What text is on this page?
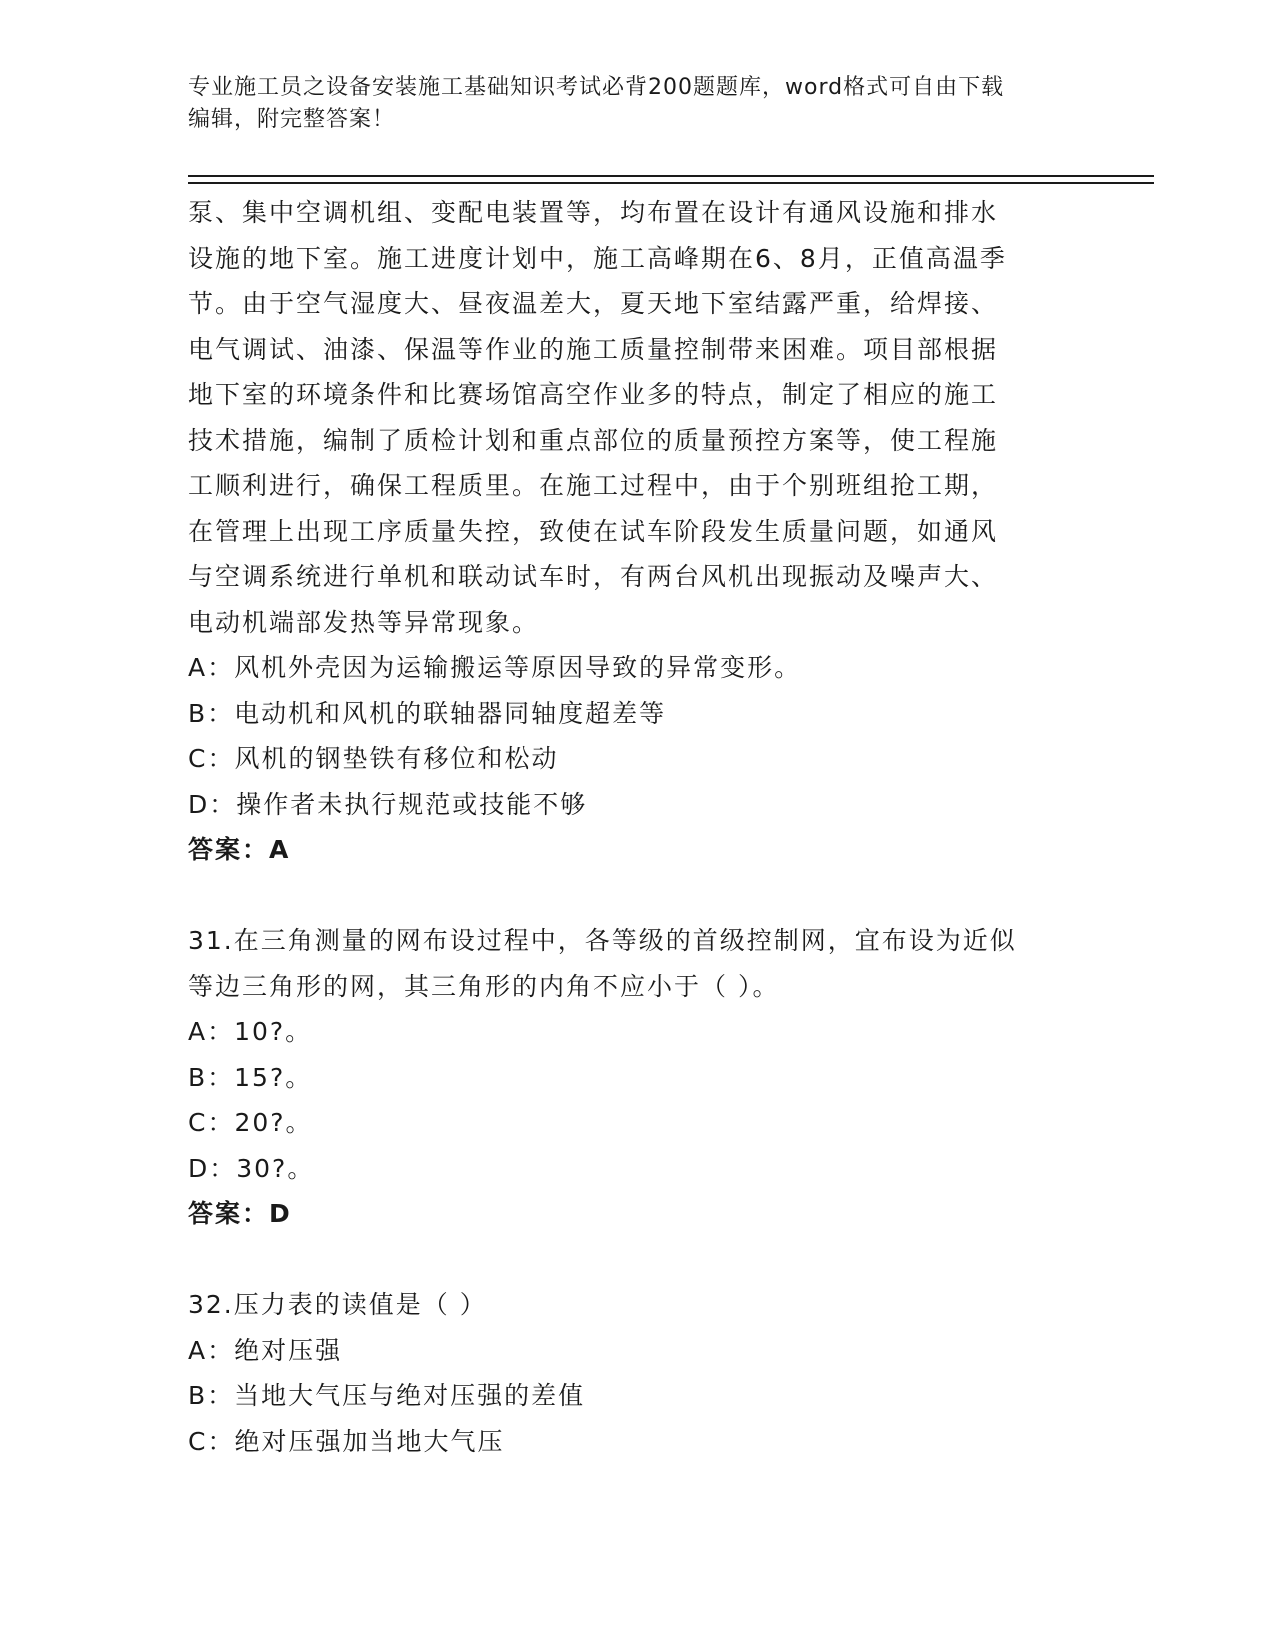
专业施工员之设备安装施工基础知识考试必背200题题库，word格式可自由下载
编辑，附完整答案！
泵、集中空调机组、变配电装置等，均布置在设计有通风设施和排水
设施的地下室。施工进度计划中，施工高峰期在6、8月，正值高温季
节。由于空气湿度大、昼夜温差大，夏天地下室结露严重，给焊接、
电气调试、油漆、保温等作业的施工质量控制带来困难。项目部根据
地下室的环境条件和比赛场馆高空作业多的特点，制定了相应的施工
技术措施，编制了质检计划和重点部位的质量预控方案等，使工程施
工顺利进行，确保工程质里。在施工过程中，由于个别班组抢工期，
在管理上出现工序质量失控，致使在试车阶段发生质量问题，如通风
与空调系统进行单机和联动试车时，有两台风机出现振动及噪声大、
电动机端部发热等异常现象。
A：风机外壳因为运输搬运等原因导致的异常变形。
B：电动机和风机的联轴器同轴度超差等
C：风机的钢垫铁有移位和松动
D：操作者未执行规范或技能不够
答案：A
31.在三角测量的网布设过程中，各等级的首级控制网，宜布设为近似
等边三角形的网，其三角形的内角不应小于（ ）。
A：10?。
B：15?。
C：20?。
D：30?。
答案：D
32.压力表的读值是（ ）
A：绝对压强
B：当地大气压与绝对压强的差值
C：绝对压强加当地大气压
